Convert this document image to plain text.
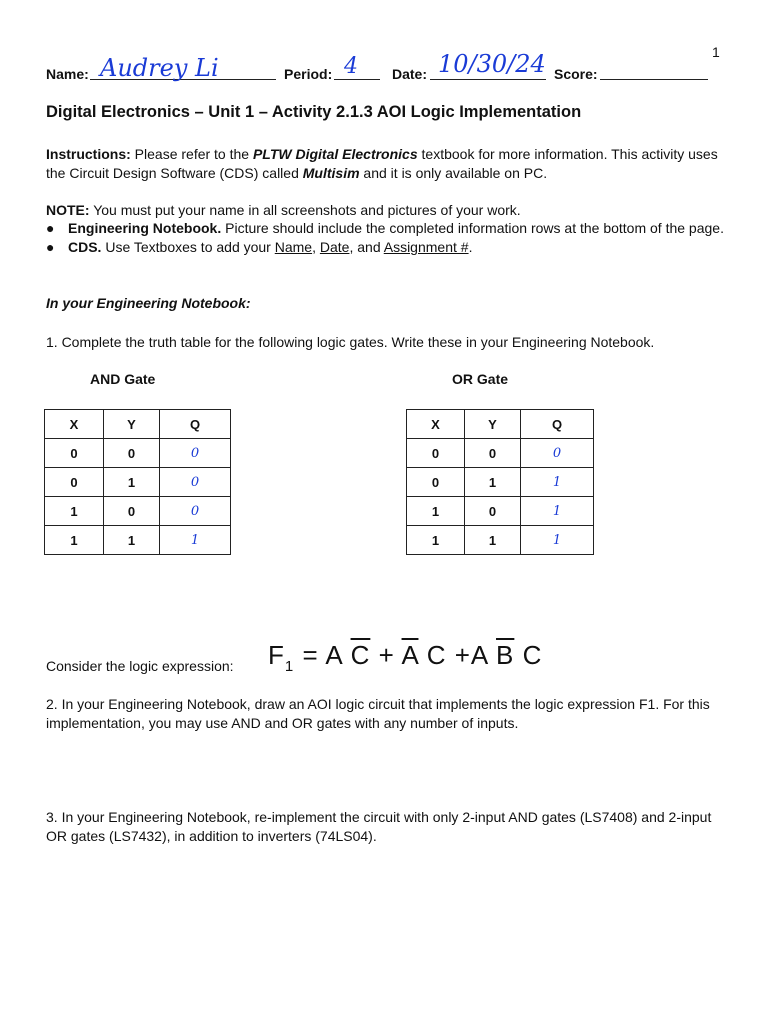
1
Name: Audrey Li	Period: 4 Date: 10/30/24 Score:
Digital Electronics – Unit 1 – Activity 2.1.3 AOI Logic Implementation
Instructions: Please refer to the PLTW Digital Electronics textbook for more information. This activity uses the Circuit Design Software (CDS) called Multisim and it is only available on PC.
NOTE: You must put your name in all screenshots and pictures of your work.
● Engineering Notebook. Picture should include the completed information rows at the bottom of the page.
● CDS. Use Textboxes to add your Name, Date, and Assignment #.
In your Engineering Notebook:
1. Complete the truth table for the following logic gates. Write these in your Engineering Notebook.
AND Gate
X	Y	Q
0	0	0
0	1	0
1	0	0
1	1	1
OR Gate
X	Y	Q
0	0	0
0	1	1
1	0	1
1	1	1
Consider the logic expression:	$F_1 = A$ $\overline{C} + \overline{A}$ C +A $\overline{B}$ C
2. In your Engineering Notebook, draw an AOI logic circuit that implements the logic expression F1. For this implementation, you may use AND and OR gates with any number of inputs.
3. In your Engineering Notebook, re-implement the circuit with only 2-input AND gates (LS7408) and 2-input OR gates (LS7432), in addition to inverters (74LS04).
